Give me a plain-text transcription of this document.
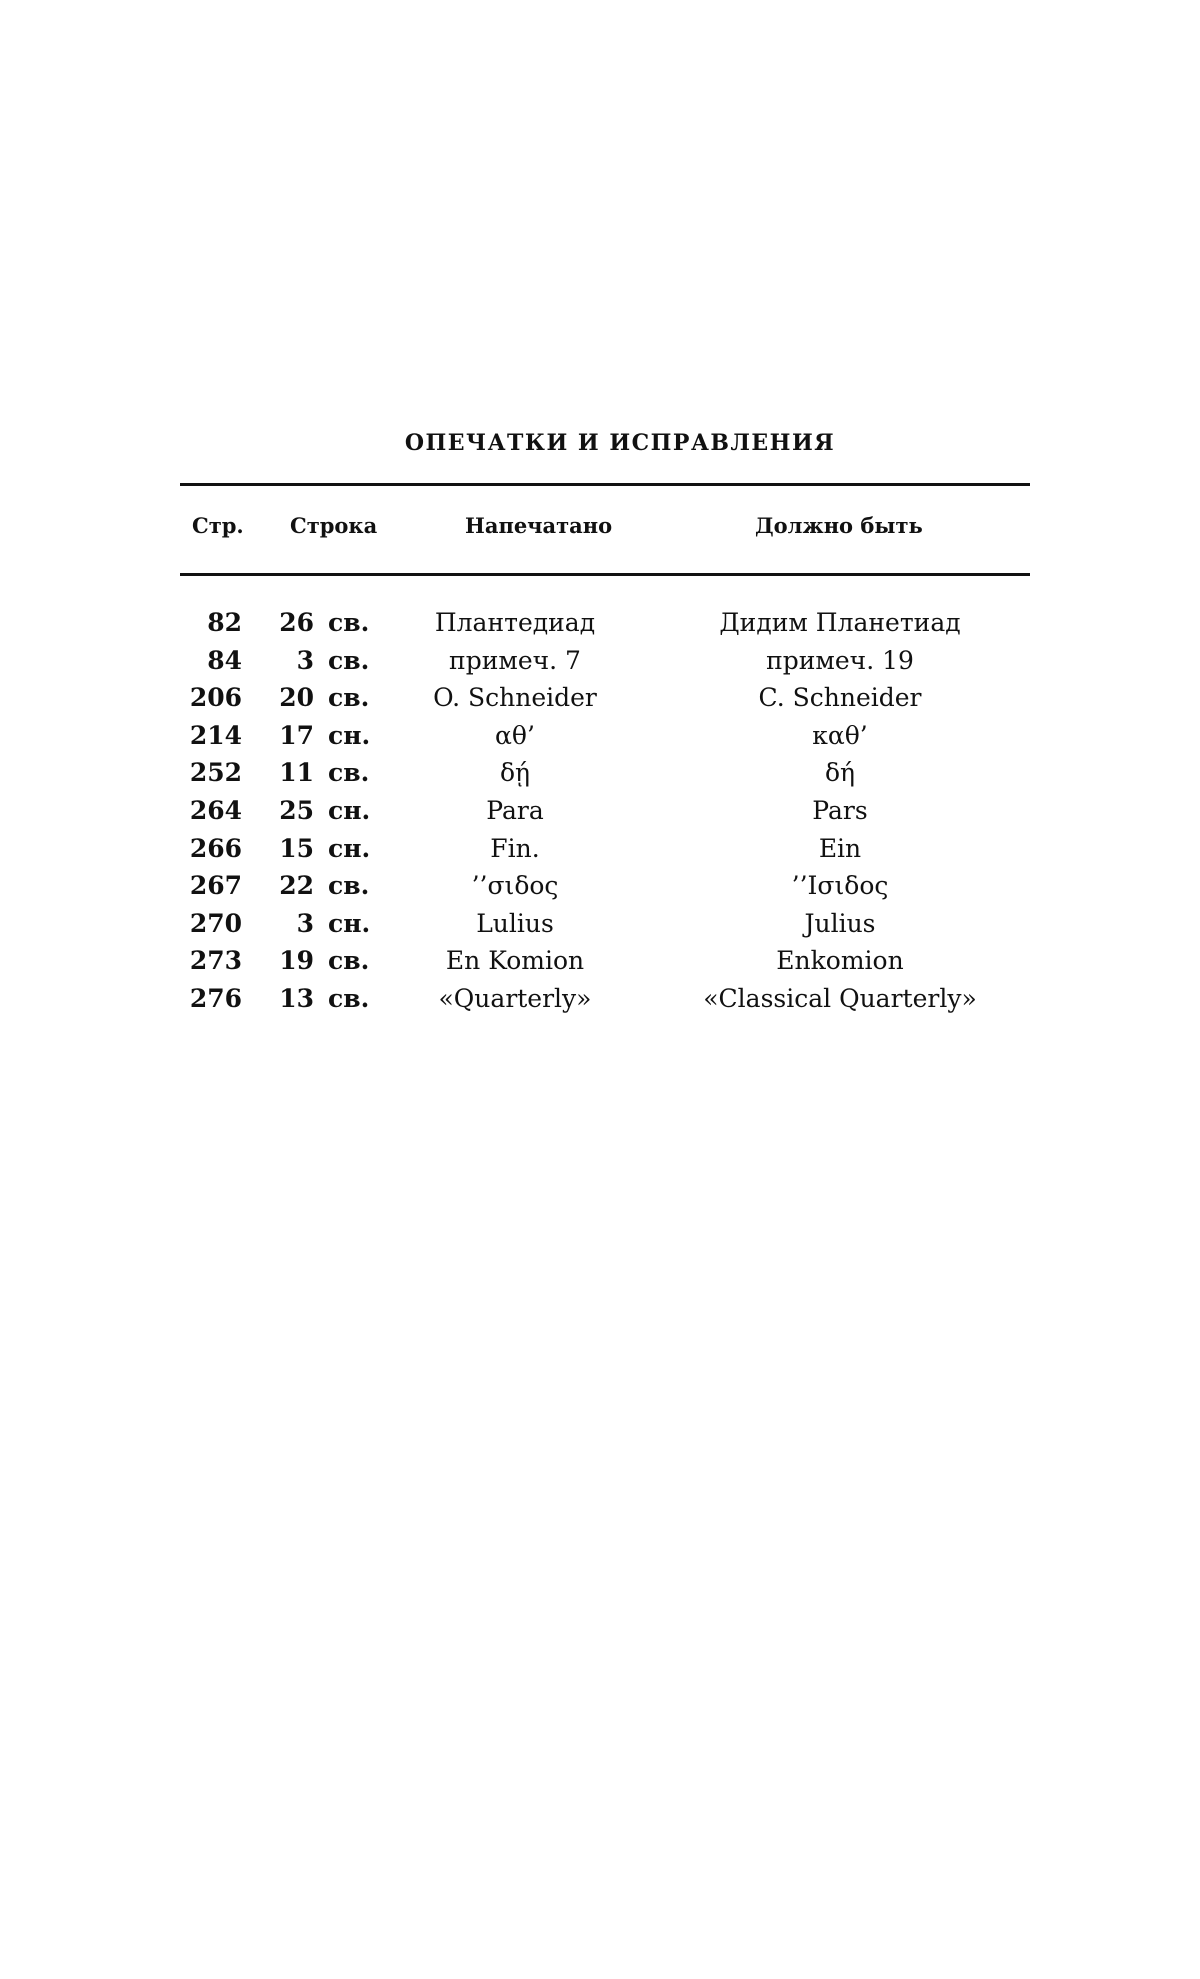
ОПЕЧАТКИ И ИСПРАВЛЕНИЯ
Стр. Строка	Напечатано	Должно быть
82	26 св.	Плантедиад	Дидим Планетиад
84	3 св.	примеч. 7	примеч. 19
206	20 св.	O. Schneider	C. Schneider
214	17 сн.	αθ’	καθ’
252	11 св.	δῄ	δή
264	25 сн.	Para	Pars
266	15 сн.	Fin.	Ein
267	22 св.	’’σιδος	’’Ισιδος
270	3 сн.	Lulius	Julius
273	19 св.	En Komion	Enkomion
276	13 св.	«Quarterly»	«Classical Quarterly»
